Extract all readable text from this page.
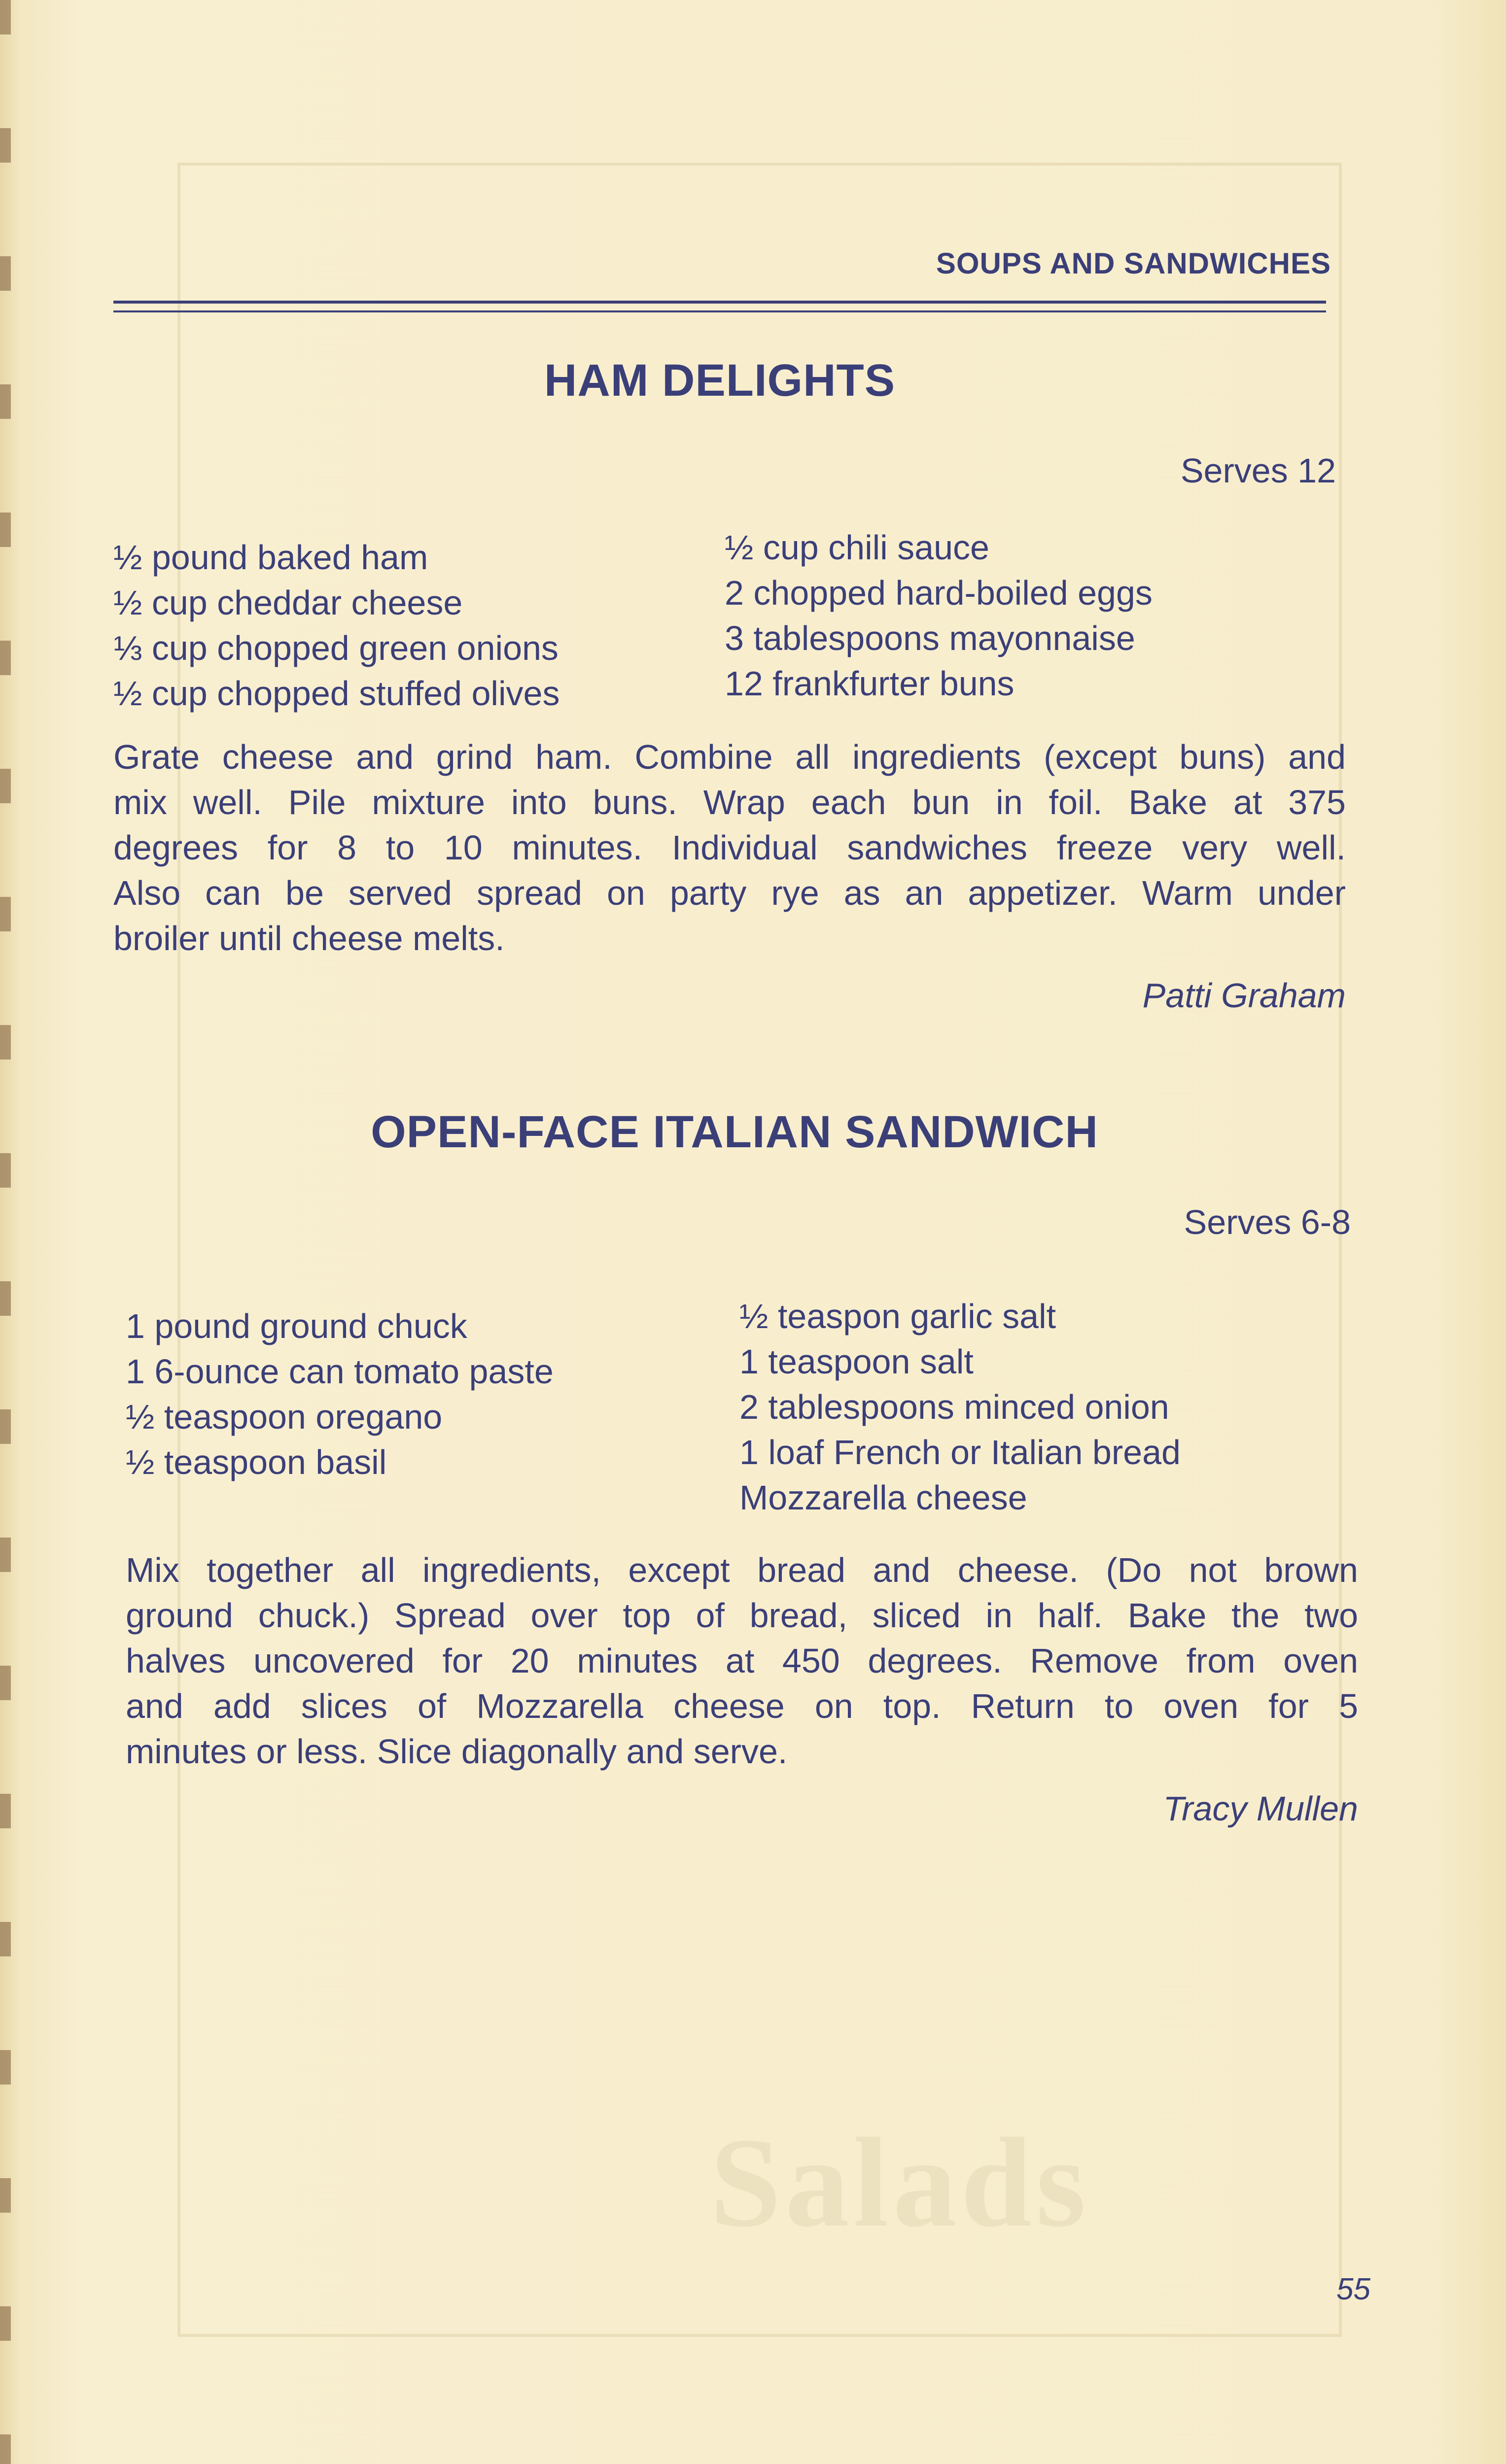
Salads
SOUPS AND SANDWICHES
HAM DELIGHTS
Serves 12
½ pound baked ham
½ cup cheddar cheese
⅓ cup chopped green onions
½ cup chopped stuffed olives
½ cup chili sauce
2 chopped hard-boiled eggs
3 tablespoons mayonnaise
12 frankfurter buns
Grate cheese and grind ham. Combine all ingredients (except buns) and
mix well. Pile mixture into buns. Wrap each bun in foil. Bake at 375
degrees for 8 to 10 minutes. Individual sandwiches freeze very well.
Also can be served spread on party rye as an appetizer. Warm under
broiler until cheese melts.
Patti Graham
OPEN-FACE ITALIAN SANDWICH
Serves 6-8
1 pound ground chuck
1 6-ounce can tomato paste
½ teaspoon oregano
½ teaspoon basil
½ teaspon garlic salt
1 teaspoon salt
2 tablespoons minced onion
1 loaf French or Italian bread
Mozzarella cheese
Mix together all ingredients, except bread and cheese. (Do not brown
ground chuck.) Spread over top of bread, sliced in half. Bake the two
halves uncovered for 20 minutes at 450 degrees. Remove from oven
and add slices of Mozzarella cheese on top. Return to oven for 5
minutes or less. Slice diagonally and serve.
Tracy Mullen
55
